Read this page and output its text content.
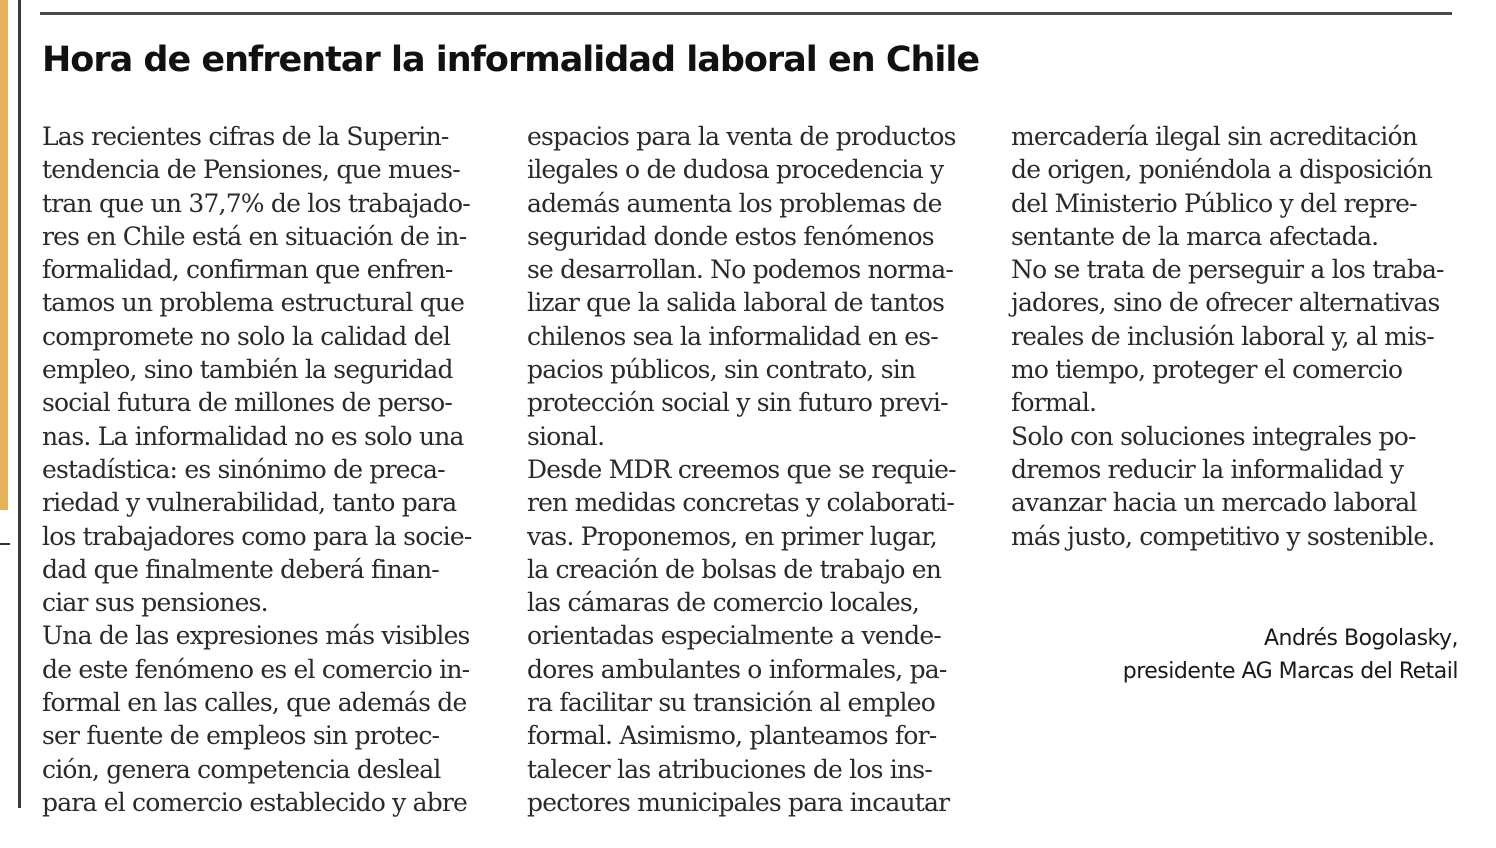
Hora de enfrentar la informalidad laboral en Chile
Las recientes cifras de la Superin-
tendencia de Pensiones, que mues-
tran que un 37,7% de los trabajado-
res en Chile está en situación de in-
formalidad, confirman que enfren-
tamos un problema estructural que
compromete no solo la calidad del
empleo, sino también la seguridad
social futura de millones de perso-
nas. La informalidad no es solo una
estadística: es sinónimo de preca-
riedad y vulnerabilidad, tanto para
los trabajadores como para la socie-
dad que finalmente deberá finan-
ciar sus pensiones.
Una de las expresiones más visibles
de este fenómeno es el comercio in-
formal en las calles, que además de
ser fuente de empleos sin protec-
ción, genera competencia desleal
para el comercio establecido y abre
espacios para la venta de productos
ilegales o de dudosa procedencia y
además aumenta los problemas de
seguridad donde estos fenómenos
se desarrollan. No podemos norma-
lizar que la salida laboral de tantos
chilenos sea la informalidad en es-
pacios públicos, sin contrato, sin
protección social y sin futuro previ-
sional.
Desde MDR creemos que se requie-
ren medidas concretas y colaborati-
vas. Proponemos, en primer lugar,
la creación de bolsas de trabajo en
las cámaras de comercio locales,
orientadas especialmente a vende-
dores ambulantes o informales, pa-
ra facilitar su transición al empleo
formal. Asimismo, planteamos for-
talecer las atribuciones de los ins-
pectores municipales para incautar
mercadería ilegal sin acreditación
de origen, poniéndola a disposición
del Ministerio Público y del repre-
sentante de la marca afectada.
No se trata de perseguir a los traba-
jadores, sino de ofrecer alternativas
reales de inclusión laboral y, al mis-
mo tiempo, proteger el comercio
formal.
Solo con soluciones integrales po-
dremos reducir la informalidad y
avanzar hacia un mercado laboral
más justo, competitivo y sostenible.
Andrés Bogolasky,
presidente AG Marcas del Retail
